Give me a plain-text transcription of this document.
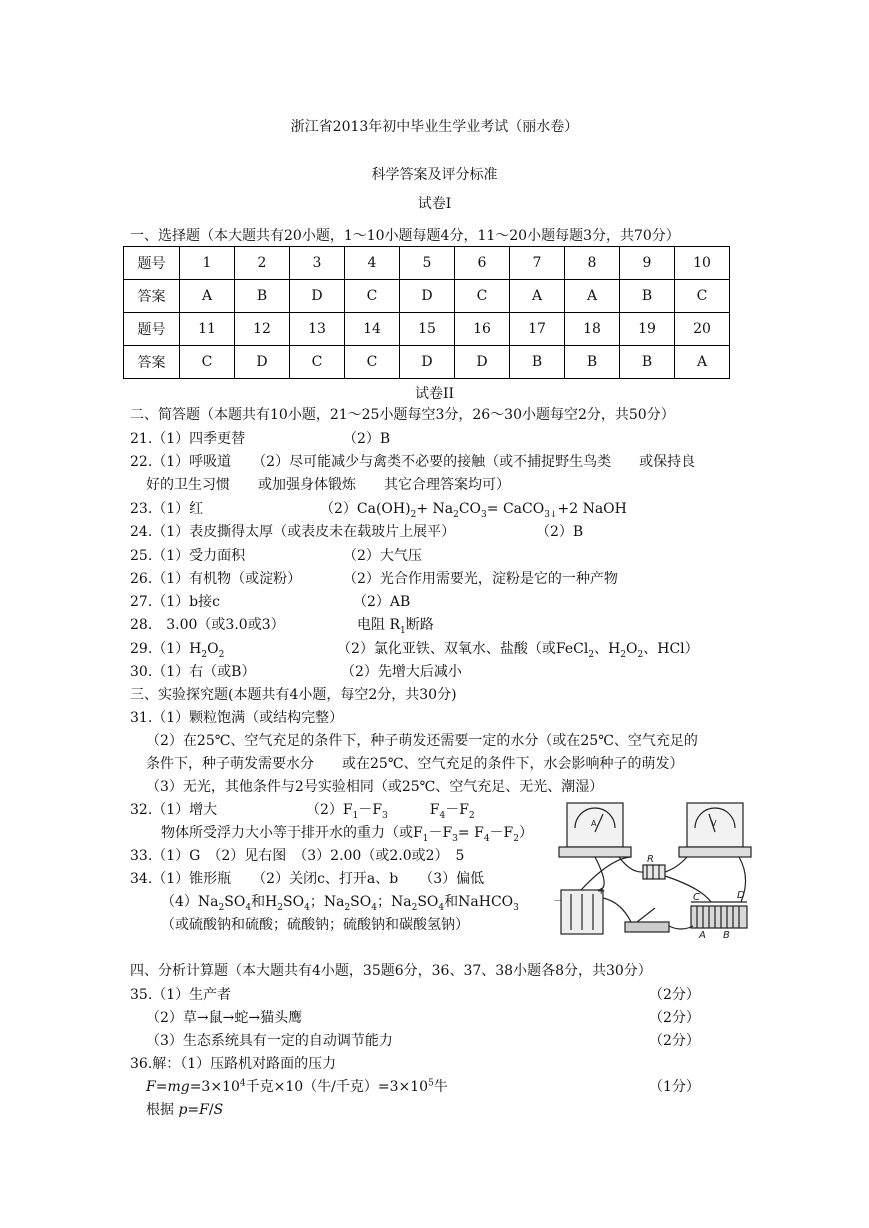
浙江省2013年初中毕业生学业考试（丽水卷）
科学答案及评分标准
试卷Ⅰ
一、选择题（本大题共有20小题，1～10小题每题4分，11～20小题每题3分，共70分）
题号	1	2	3	4	5	6	7	8	9	10
答案	A	B	D	C	D	C	A	A	B	C
题号	11	12	13	14	15	16	17	18	19	20
答案	C	D	C	C	D	D	B	B	B	A
试卷II
二、简答题（本题共有10小题，21～25小题每空3分，26～30小题每空2分，共50分）
21.（1）四季更替	（2）B
22.（1）呼吸道　　（2）尽可能减少与禽类不必要的接触（或不捕捉野生鸟类　　或保持良
好的卫生习惯　　或加强身体锻炼　　其它合理答案均可）
23.（1）红	$(2)Ca(OH)_2+ Na_2CO_3=$ CaCO$_{3↓}$+2 NaOH
24.（1）表皮撕得太厚（或表皮未在载玻片上展平）	（2）B
25.（1）受力面积	（2）大气压
26.（1）有机物（或淀粉）	（2）光合作用需要光，淀粉是它的一种产物
27.（1）b接c	（2）AB
28.　3.00（或3.0或3）	电阻 $R_1$断路
$29.(1)H_2O_2$	（2）氯化亚铁、双氧水、盐酸（或FeCl$_2$、$H_2O_2$、HCl）
30.（1）右（或B）	（2）先增大后减小
三、实验探究题(本题共有4小题，每空2分，共30分)
31.（1）颗粒饱满（或结构完整）
（2）在25℃、空气充足的条件下，种子萌发还需要一定的水分（或在25℃、空气充足的
条件下，种子萌发需要水分　　或在25℃、空气充足的条件下，水会影响种子的萌发）
（3）无光，其他条件与2号实验相同（或25℃、空气充足、无光、潮湿）
32.（1）增大	$(2)F_1-F_3$　　　$F_4-F_2$
物体所受浮力大小等于排开水的重力（或$F_1-F_3= F_4-F_2$）
33.（1）G　（2）见右图　（3）2.00（或2.0或2）　5
34.（1）锥形瓶　　（2）关闭c、打开a、b　　（3）偏低
$(4)Na_2SO_4$和$H_2SO_4$；$Na_2SO_4$；$Na_2SO_4$和NaHCO$_3$
（或硫酸钠和硫酸；硫酸钠；硫酸钠和碳酸氢钠）
A	V
R
C	D
A B
+
－
四、分析计算题（本大题共有4小题，35题6分，36、37、38小题各8分，共30分）
35.（1）生产者	（2分）
（2）草→鼠→蛇→猫头鹰	（2分）
（3）生态系统具有一定的自动调节能力	（2分）
36.解：（1）压路机对路面的压力
$F=mg=3\times 10^4$千克×10（牛/千克）$=3\times 10^5$牛	（1分）
根据 p=F/S
